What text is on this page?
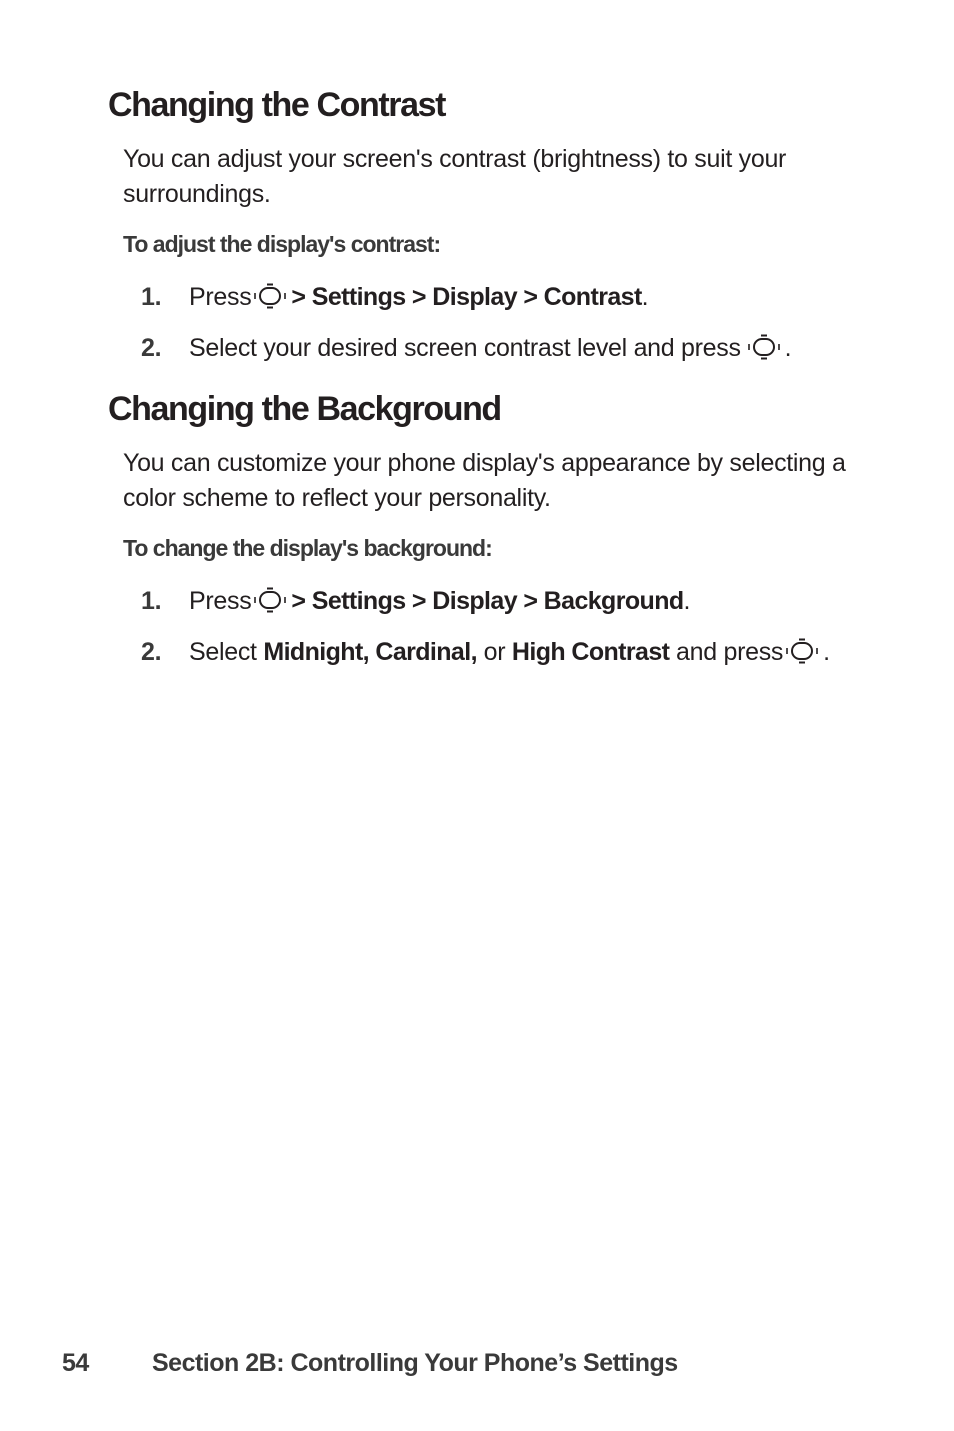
Changing the Contrast

You can adjust your screen's contrast (brightness) to suit your surroundings.

To adjust the display's contrast:

1. Press > Settings > Display > Contrast.
2. Select your desired screen contrast level and press .
Changing the Background

You can customize your phone display's appearance by selecting a color scheme to reflect your personality.

To change the display's background:

1. Press > Settings > Display > Background.
2. Select Midnight, Cardinal, or High Contrast and press .
54	Section 2B: Controlling Your Phone’s Settings
